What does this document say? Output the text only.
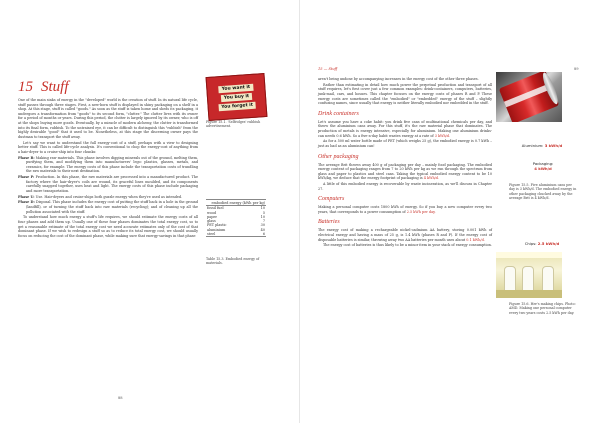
15 Stuff

One of the main sinks of energy in the "developed" world is the creation of stuff. In its natural life cycle, stuff passes through three stages. First, a new-born stuff is displayed in shiny packaging on a shelf in a shop. At this stage, stuff is called "goods." As soon as the stuff is taken home and sheds its packaging, it undergoes a transformation from "goods" to its second form, "clutter." The clutter lives with its owner for a period of months or years. During this period, the clutter is largely ignored by its owner, who is off at the shops buying more goods. Eventually, by a miracle of modern alchemy, the clutter is transformed into its final form, rubbish. To the untrained eye, it can be difficult to distinguish this "rubbish" from the highly desirable "good" that it used to be. Nonetheless, at this stage the discerning owner pays the dustman to transport the stuff away.

Let's say we want to understand the full energy-cost of a stuff, perhaps with a view to designing better stuff. This is called life-cycle analysis. It's conventional to chop the energy-cost of anything from a hair-dryer to a cruise-ship into four chunks:

Phase R: Making raw materials. This phase involves digging minerals out of the ground, melting them, purifying them, and modifying them into manufacturers' lego: plastics, glasses, metals, and ceramics, for example. The energy costs of this phase include the transportation costs of trundling the raw materials to their next destination.

Phase P: Production. In this phase, the raw materials are processed into a manufactured product. The factory where the hair-dryer's coils are wound, its graceful lines moulded, and its components carefully snapped together, uses heat and light. The energy costs of this phase include packaging and more transportation.

Phase U: Use. Hair-dryers and cruise-ships both guzzle energy when they're used as intended.

Phase D: Disposal. This phase includes the energy cost of putting the stuff back in a hole in the ground (landfill), or of turning the stuff back into raw materials (recycling); and of cleaning up all the pollution associated with the stuff.

To understand how much energy a stuff's life requires, we should estimate the energy costs of all four phases and add them up. Usually one of these four phases dominates the total energy cost, so to get a reasonable estimate of the total energy cost we need accurate estimates only of the cost of that dominant phase. If we wish to redesign a stuff so as to reduce its total energy cost, we should usually focus on reducing the cost of the dominant phase, while making sure that energy-savings in that phase

You want it
You buy it
You forget it
Figure 15.1. 'Selfridges' rubbish advertisement.
embodied energy (kWh per kg)	
fossil fuel	10
wood	5
paper	10
glass	7
PET plastic	30
aluminium	40
steel	6
Table 15.3. Embodied energy of materials.
88
15 — Stuff	89

aren't being undone by accompanying increases in the energy cost of the other three phases.

Rather than estimating in detail how much power the perpetual production and transport of all stuff requires, let's first cover just a few common examples: drink-containers, computers, batteries, junk-mail, cars, and houses. This chapter focuses on the energy costs of phases R and P. These energy costs are sometimes called the "embodied" or "embedded" energy of the stuff – slightly confusing names, since usually that energy is neither literally embodied nor embedded in the stuff.

Drink containers

Let's assume you have a coke habit: you drink five cans of multinational chemicals per day, and throw the aluminium cans away. For this stuff, it's the raw material phase that dominates. The production of metals is energy intensive, especially for aluminium. Making one aluminium drinks-can needs 0.6 kWh. So a five-a-day habit wastes energy at a rate of 3 kWh/d.

As for a 500 ml water bottle made of PET (which weighs 25 g), the embodied energy is 0.7 kWh – just as bad as an aluminium can!

Other packaging

The average Brit throws away 400 g of packaging per day – mainly food packaging. The embodied energy content of packaging ranges from 7 to 20 kWh per kg as we run through the spectrum from glass and paper to plastics and steel cans. Taking the typical embodied energy content to be 10 kWh/kg, we deduce that the energy footprint of packaging is 4 kWh/d.

A little of this embodied energy is recoverable by waste incineration, as we'll discuss in Chapter 27.

Computers

Making a personal computer costs 1800 kWh of energy. So if you buy a new computer every two years, that corresponds to a power consumption of 2.5 kWh per day.

Batteries

The energy cost of making a rechargeable nickel-cadmium AA battery, storing 0.001 kWh of electrical energy and having a mass of 25 g, is 1.4 kWh (phases R and P). If the energy cost of disposable batteries is similar, throwing away two AA batteries per month uses about 0.1 kWh/d.

The energy cost of batteries is thus likely to be a minor item in your stack of energy consumption.

Aluminium: 3 kWh/d
Packaging:
4 kWh/d
Figure 15.5. Five aluminium cans per day is 3 kWh/d. The embodied energy in other packaging chucked away by the average Brit is 4 kWh/d.
Chips: 2.5 kWh/d
Figure 15.6. Her's making chips. Photo: AMD. Making one personal computer every two years costs 2.5 kWh per day.
